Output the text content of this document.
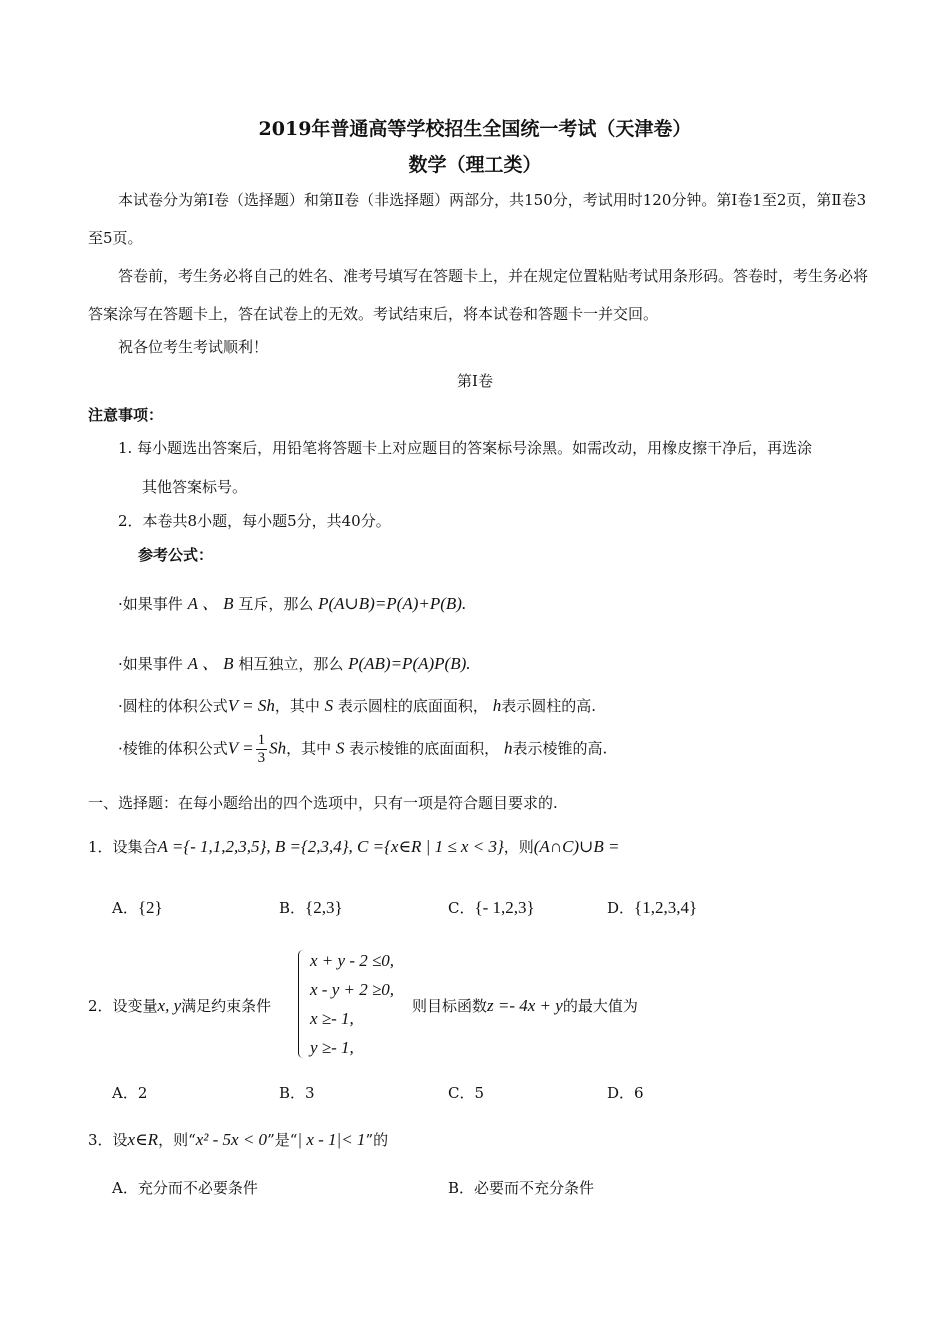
2019年普通高等学校招生全国统一考试（天津卷）
数学（理工类）
本试卷分为第Ⅰ卷（选择题）和第Ⅱ卷（非选择题）两部分，共150分，考试用时120分钟。第Ⅰ卷1至2页，第Ⅱ卷3至5页。
答卷前，考生务必将自己的姓名、准考号填写在答题卡上，并在规定位置粘贴考试用条形码。答卷时，考生务必将答案涂写在答题卡上，答在试卷上的无效。考试结束后，将本试卷和答题卡一并交回。
祝各位考生考试顺利！
第Ⅰ卷
注意事项：
1. 每小题选出答案后，用铅笔将答题卡上对应题目的答案标号涂黑。如需改动，用橡皮擦干净后，再选涂
其他答案标号。
2．本卷共8小题，每小题5分，共40分。
参考公式：
·如果事件 A 、 B 互斥，那么 P(A∪B)=P(A)+P(B).
·如果事件 A 、 B 相互独立，那么 P(AB)=P(A)P(B).
·圆柱的体积公式V = Sh，其中 S 表示圆柱的底面面积， h表示圆柱的高.
·棱锥的体积公式$V = \frac{1}{3}$ Sh，其中 S 表示棱锥的底面面积， h表示棱锥的高.
一、选择题：在每小题给出的四个选项中，只有一项是符合题目要求的.
1．设集合A ={- 1,1,2,3,5}, B ={2,3,4}, C ={x∈R | 1 ≤ x < 3}，则(A∩C)∪B =
A．{2}	B．{2,3}	C．{- 1,2,3}	D．{1,2,3,4}
2．设变量x, y满足约束条件
x + y - 2 ≤0,
x - y + 2 ≥0,
x ≥- 1,
y ≥- 1,
则目标函数z =- 4x + y的最大值为
A．2	B．3	C．5	D．6
3．设x∈R，则“x² - 5x < 0”是“| x - 1|< 1”的
A．充分而不必要条件	B．必要而不充分条件
